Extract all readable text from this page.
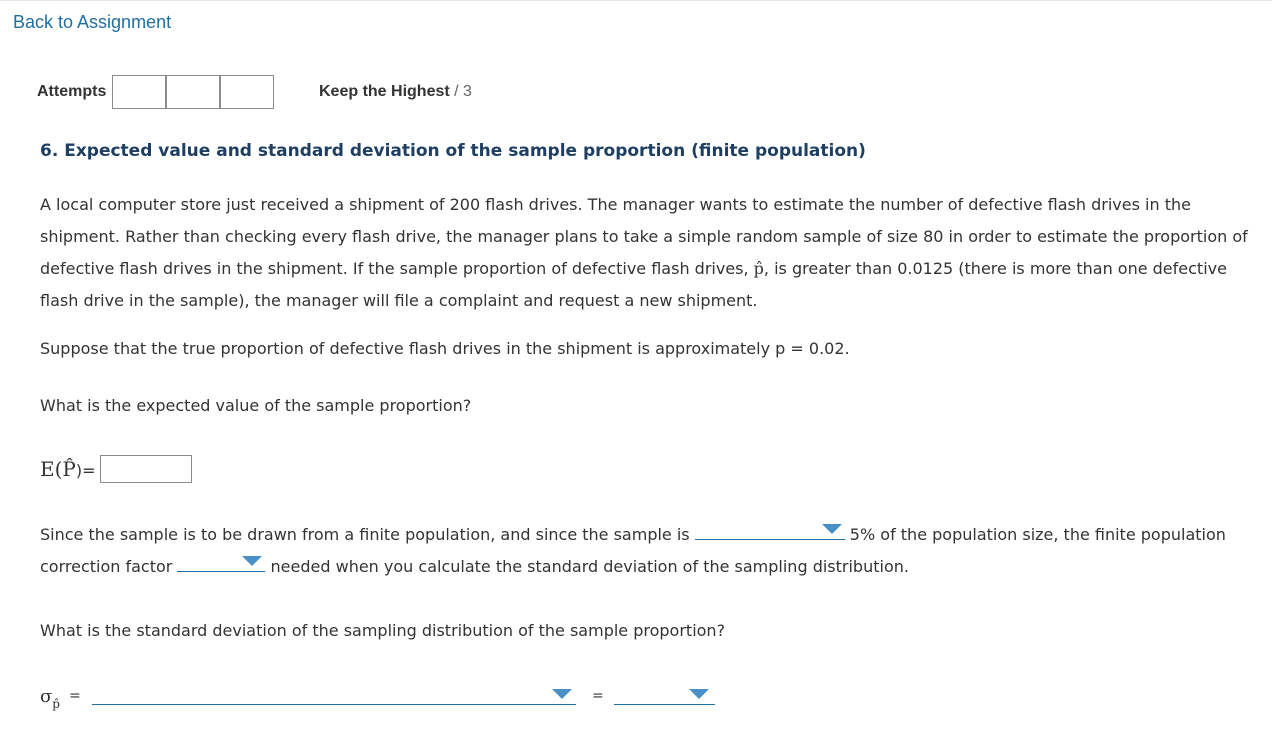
Back to Assignment
Attempts	Keep the Highest / 3
6. Expected value and standard deviation of the sample proportion (finite population)
A local computer store just received a shipment of 200 flash drives. The manager wants to estimate the number of defective flash drives in the shipment. Rather than checking every flash drive, the manager plans to take a simple random sample of size 80 in order to estimate the proportion of defective flash drives in the shipment. If the sample proportion of defective flash drives, p̂, is greater than 0.0125 (there is more than one defective flash drive in the sample), the manager will file a complaint and request a new shipment.
Suppose that the true proportion of defective flash drives in the shipment is approximately p = 0.02.
What is the expected value of the sample proportion?
E(P̂)=
Since the sample is to be drawn from a finite population, and since the sample is	5% of the population size, the finite population correction factor	needed when you calculate the standard deviation of the sampling distribution.
What is the standard deviation of the sampling distribution of the sample proportion?
$\sigma_{p̂}$ =	=
